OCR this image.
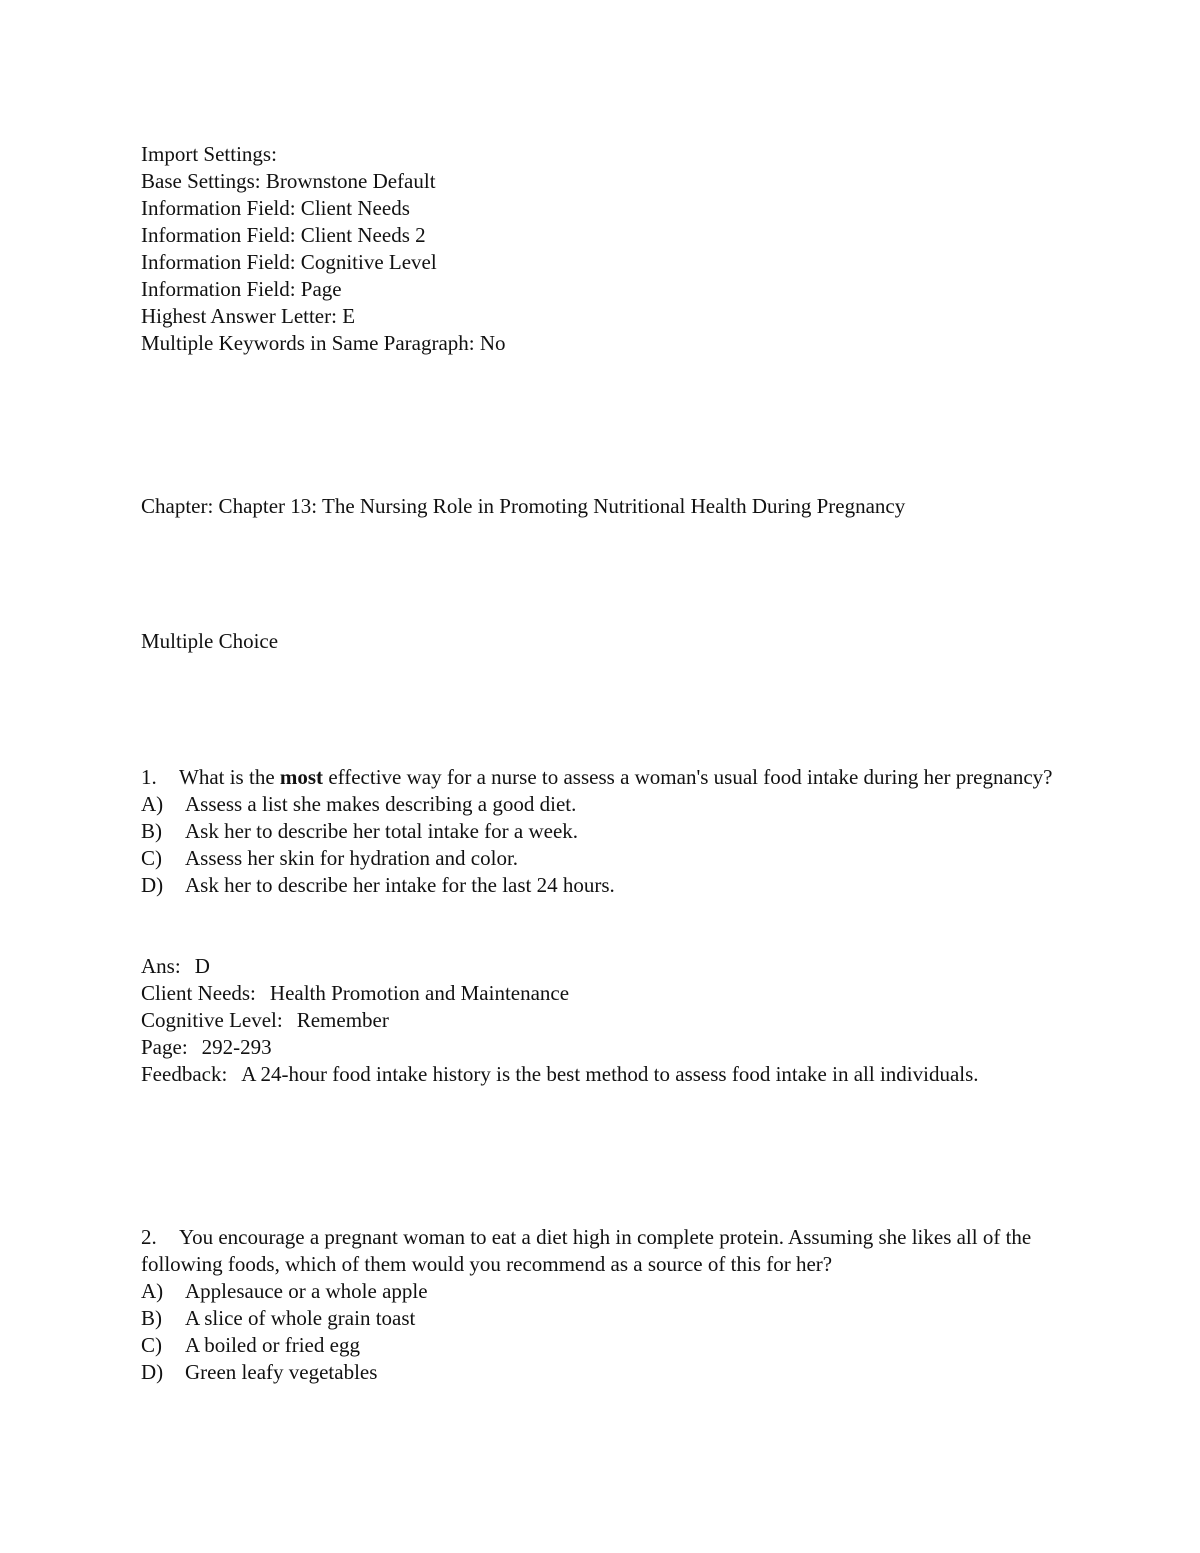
Import Settings:

Base Settings: Brownstone Default

Information Field: Client Needs

Information Field: Client Needs 2

Information Field: Cognitive Level

Information Field: Page

Highest Answer Letter: E

Multiple Keywords in Same Paragraph: No

Chapter: Chapter 13: The Nursing Role in Promoting Nutritional Health During Pregnancy

Multiple Choice

1. What is the most effective way for a nurse to assess a woman's usual food intake during her pregnancy?

A) Assess a list she makes describing a good diet.

B) Ask her to describe her total intake for a week.

C) Assess her skin for hydration and color.

D) Ask her to describe her intake for the last 24 hours.

Ans: D

Client Needs: Health Promotion and Maintenance

Cognitive Level: Remember

Page: 292-293

Feedback: A 24-hour food intake history is the best method to assess food intake in all individuals.

2. You encourage a pregnant woman to eat a diet high in complete protein. Assuming she likes all of the following foods, which of them would you recommend as a source of this for her?

A) Applesauce or a whole apple

B) A slice of whole grain toast

C) A boiled or fried egg

D) Green leafy vegetables
